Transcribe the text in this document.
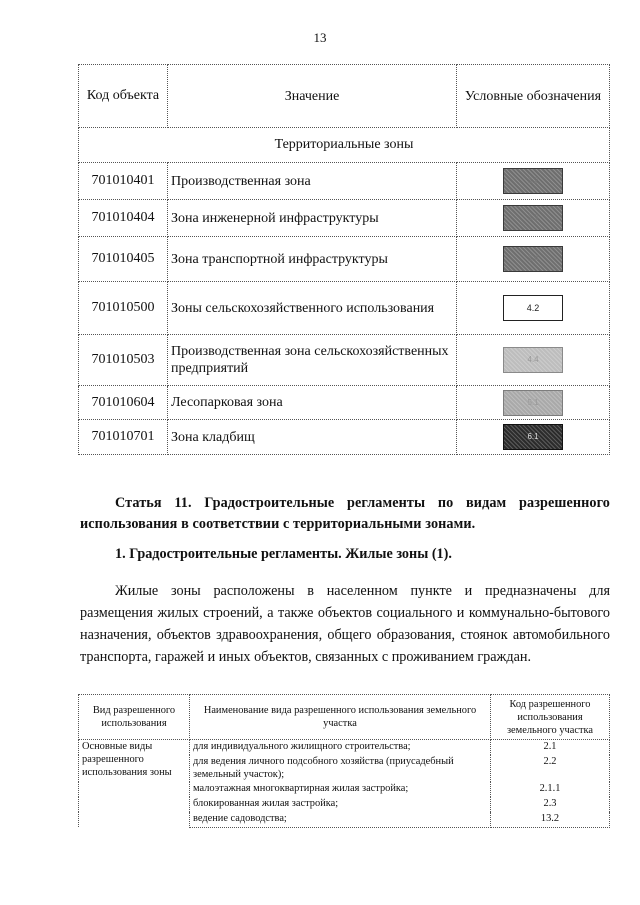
13
Код объекта	Значение	Условные обозначения
Территориальные зоны		
701010401	Производственная зона	3.2
701010404	Зона инженерной инфраструктуры	3.3
701010405	Зона транспортной инфраструктуры	3.4
701010500	Зоны сельскохозяйственного использования	4.2
701010503	Производственная зона сельскохозяйственных предприятий	4.4
701010604	Лесопарковая зона	5.1
701010701	Зона кладбищ	6.1
Статья 11. Градостроительные регламенты по видам разрешенного использования в соответствии с территориальными зонами.
1. Градостроительные регламенты. Жилые зоны (1).
Жилые зоны расположены в населенном пункте и предназначены для размещения жилых строений, а также объектов социального и коммунально-бытового назначения, объектов здравоохранения, общего образования, стоянок автомобильного транспорта, гаражей и иных объектов, связанных с проживанием граждан.
Вид разрешенного использования	Наименование вида разрешенного использования земельного участка	Код разрешенного использования земельного участка
Основные виды разрешенного использования зоны	для индивидуального жилищного строительства;	2.1
	для ведения личного подсобного хозяйства (приусадебный земельный участок);	2.2
	малоэтажная многоквартирная жилая застройка;	2.1.1
	блокированная жилая застройка;	2.3
	ведение садоводства;	13.2
